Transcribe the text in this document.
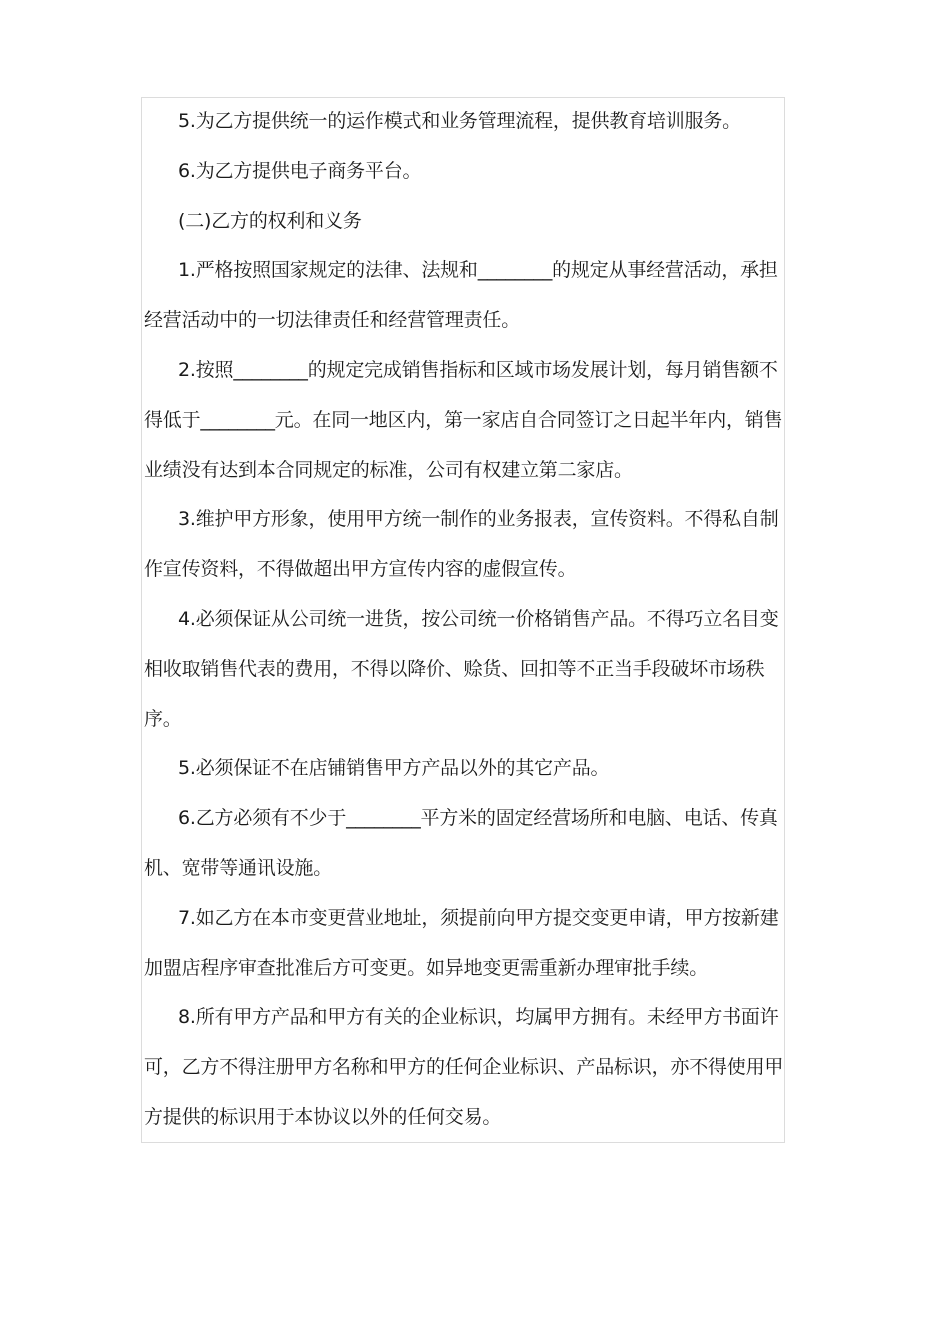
5.为乙方提供统一的运作模式和业务管理流程，提供教育培训服务。

6.为乙方提供电子商务平台。

(二)乙方的权利和义务

1.严格按照国家规定的法律、法规和________的规定从事经营活动，承担经营活动中的一切法律责任和经营管理责任。

2.按照________的规定完成销售指标和区域市场发展计划，每月销售额不得低于________元。在同一地区内，第一家店自合同签订之日起半年内，销售业绩没有达到本合同规定的标准，公司有权建立第二家店。

3.维护甲方形象，使用甲方统一制作的业务报表，宣传资料。不得私自制作宣传资料，不得做超出甲方宣传内容的虚假宣传。

4.必须保证从公司统一进货，按公司统一价格销售产品。不得巧立名目变相收取销售代表的费用，不得以降价、赊货、回扣等不正当手段破坏市场秩序。

5.必须保证不在店铺销售甲方产品以外的其它产品。

6.乙方必须有不少于________平方米的固定经营场所和电脑、电话、传真机、宽带等通讯设施。

7.如乙方在本市变更营业地址，须提前向甲方提交变更申请，甲方按新建加盟店程序审查批准后方可变更。如异地变更需重新办理审批手续。

8.所有甲方产品和甲方有关的企业标识，均属甲方拥有。未经甲方书面许可，乙方不得注册甲方名称和甲方的任何企业标识、产品标识，亦不得使用甲方提供的标识用于本协议以外的任何交易。
